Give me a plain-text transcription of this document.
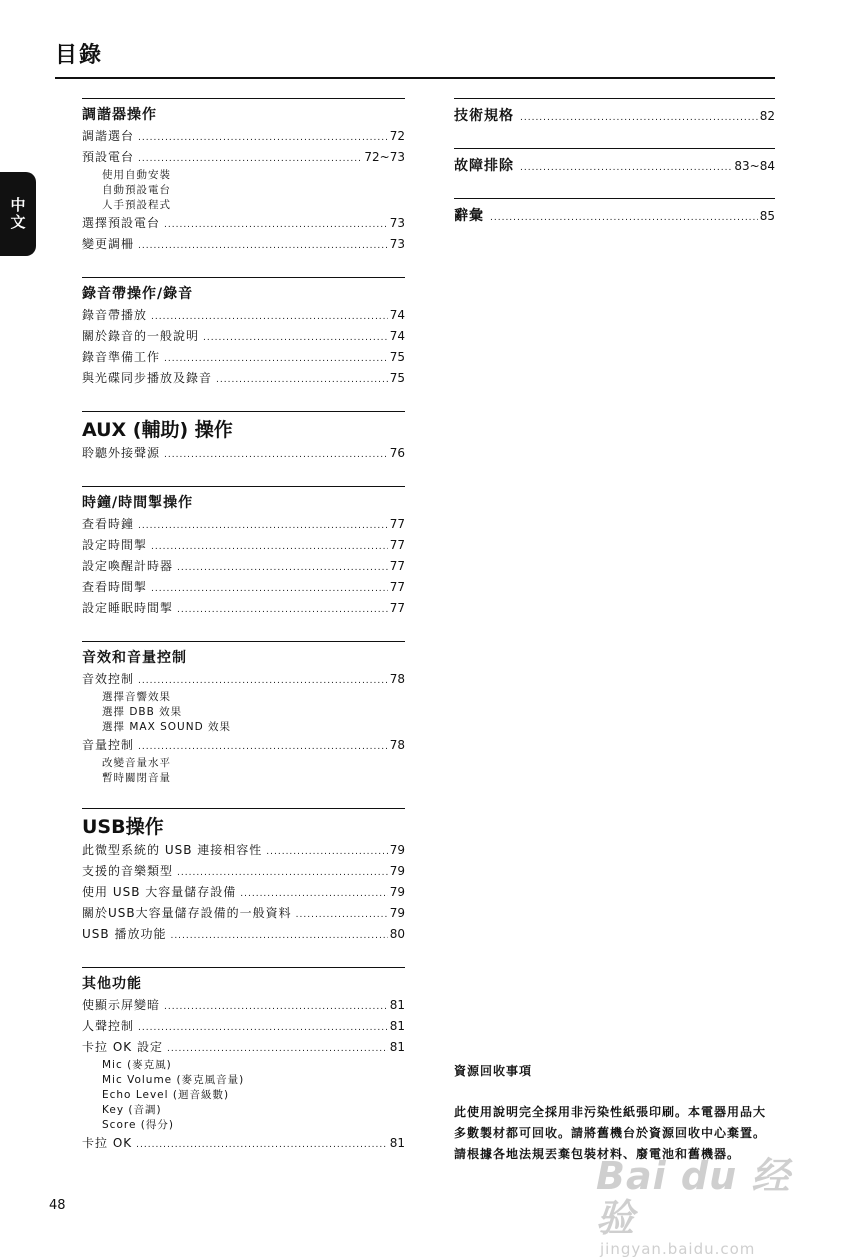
目錄
中文
調諧器操作
調諧選台 .....	72
預設電台 .....	72~73
使用自動安裝
自動預設電台
人手預設程式
選擇預設電台 .....	73
變更調柵 .....	73
錄音帶操作/錄音
錄音帶播放 .....	74
關於錄音的一般說明 .....	74
錄音準備工作 .....	75
與光碟同步播放及錄音 .....	75
AUX (輔助) 操作
聆聽外接聲源 .....	76
時鐘/時間掣操作
查看時鐘 .....	77
設定時間掣 .....	77
設定喚醒計時器 .....	77
查看時間掣 .....	77
設定睡眠時間掣 .....	77
音效和音量控制
音效控制 .....	78
選擇音響效果
選擇 DBB 效果
選擇 MAX SOUND 效果
音量控制 .....	78
改變音量水平
暫時關閉音量
USB操作
此微型系統的 USB 連接相容性 .....	79
支援的音樂類型 .....	79
使用 USB 大容量儲存設備 .....	79
關於USB大容量儲存設備的一般資料 .....	79
USB 播放功能 .....	80
其他功能
使顯示屏變暗 .....	81
人聲控制 .....	81
卡拉 OK 設定 .....	81
Mic (麥克風)
Mic Volume (麥克風音量)
Echo Level (迴音級數)
Key (音調)
Score (得分)
卡拉 OK .....	81
技術規格 .....	82
故障排除 .....	83~84
辭彙 .....	85
資源回收事項
此使用說明完全採用非污染性紙張印刷。本電器用品大多數製材都可回收。請將舊機台於資源回收中心棄置。請根據各地法規丟棄包裝材料、廢電池和舊機器。
48
Bai du 经验
jingyan.baidu.com
